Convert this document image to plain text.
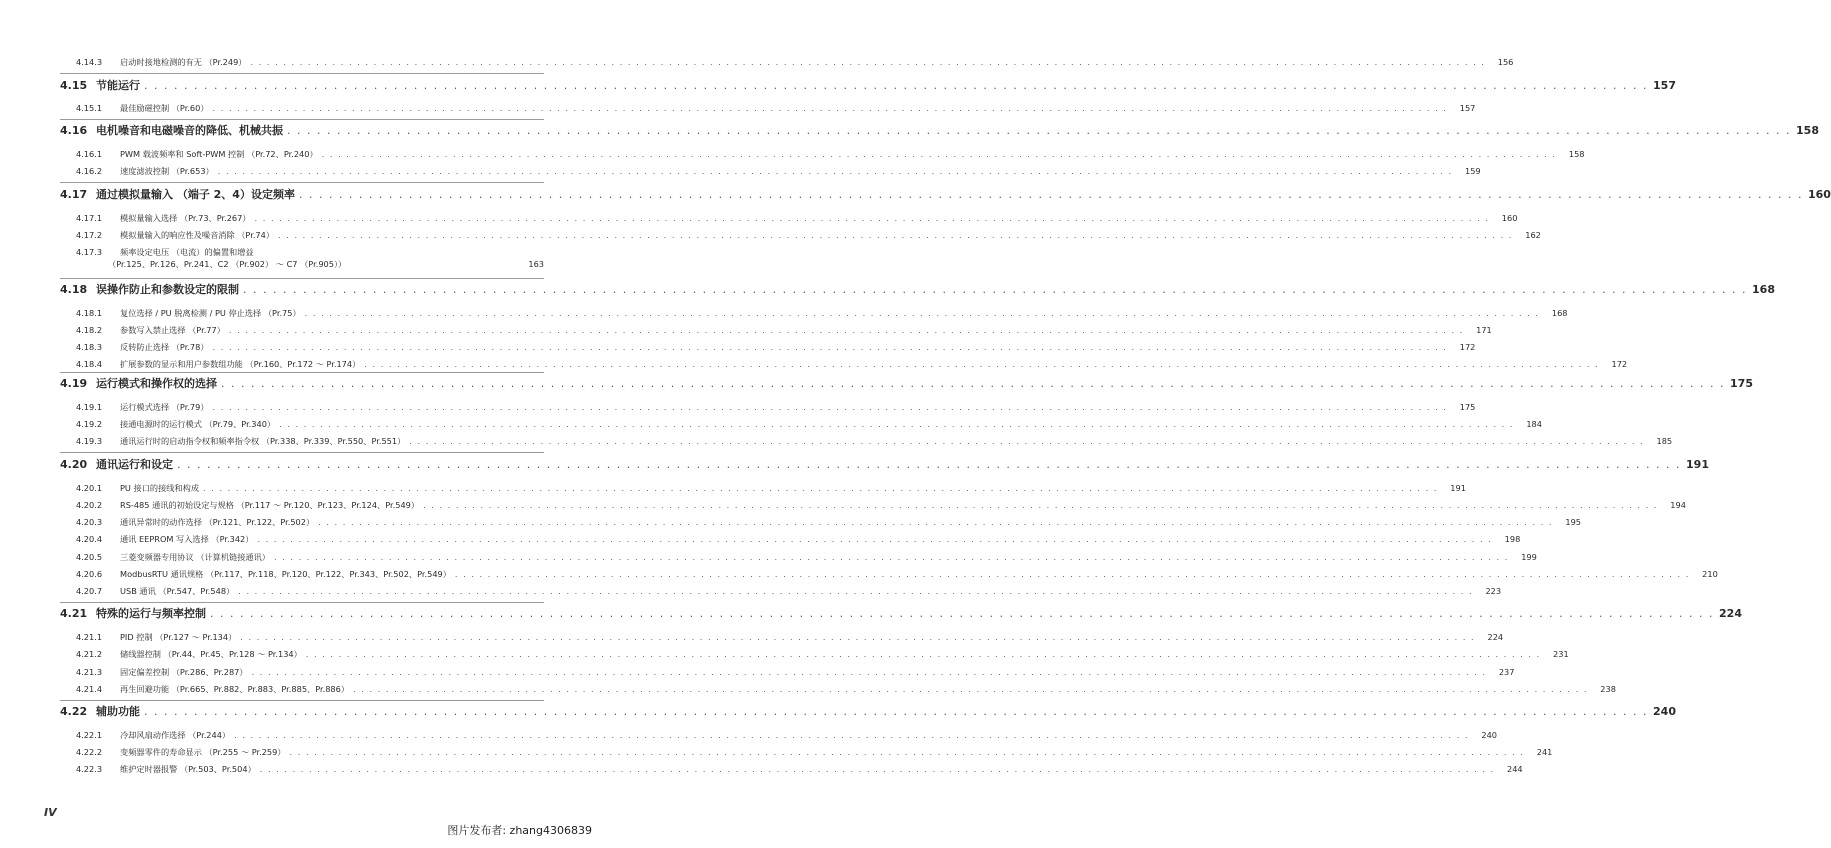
4.14.3	启动时接地检测的有无 （Pr.249） . . .	156
4.15 节能运行 . . .	157
4.15.1	最佳励磁控制 （Pr.60） . . .	157
4.16 电机噪音和电磁噪音的降低、机械共振 . . .	158
4.16.1	PWM 载波频率和 Soft-PWM 控制 （Pr.72、Pr.240） . . .	158
4.16.2	速度滤波控制 （Pr.653） . . .	159
4.17 通过模拟量输入 （端子 2、4）设定频率 . . .	160
4.17.1	模拟量输入选择 （Pr.73、Pr.267） . . .	160
4.17.2	模拟量输入的响应性及噪音消除 （Pr.74） . . .	162
4.17.3	频率设定电压 （电流）的偏置和增益
（Pr.125、Pr.126、Pr.241、C2 （Pr.902） ～ C7 （Pr.905））	163
4.18 误操作防止和参数设定的限制 . . .	168
4.18.1	复位选择 / PU 脱离检测 / PU 停止选择 （Pr.75） . . .	168
4.18.2	参数写入禁止选择 （Pr.77） . . .	171
4.18.3	反转防止选择 （Pr.78） . . .	172
4.18.4	扩展参数的显示和用户参数组功能 （Pr.160、Pr.172 ～ Pr.174） . . .	172
4.19 运行模式和操作权的选择 . . .	175
4.19.1	运行模式选择 （Pr.79） . . .	175
4.19.2	接通电源时的运行模式 （Pr.79、Pr.340） . . .	184
4.19.3	通讯运行时的启动指令权和频率指令权 （Pr.338、Pr.339、Pr.550、Pr.551） . . .	185
4.20 通讯运行和设定 . . .	191
4.20.1	PU 接口的接线和构成 . . .	191
4.20.2	RS-485 通讯的初始设定与规格 （Pr.117 ～ Pr.120、Pr.123、Pr.124、Pr.549） . . .	194
4.20.3	通讯异常时的动作选择 （Pr.121、Pr.122、Pr.502） . . .	195
4.20.4	通讯 EEPROM 写入选择 （Pr.342） . . .	198
4.20.5	三菱变频器专用协议 （计算机链接通讯） . . .	199
4.20.6	ModbusRTU 通讯规格 （Pr.117、Pr.118、Pr.120、Pr.122、Pr.343、Pr.502、Pr.549） . . .	210
4.20.7	USB 通讯 （Pr.547、Pr.548） . . .	223
4.21 特殊的运行与频率控制 . . .	224
4.21.1	PID 控制 （Pr.127 ～ Pr.134） . . .	224
4.21.2	储线器控制 （Pr.44、Pr.45、Pr.128 ～ Pr.134） . . .	231
4.21.3	固定偏差控制 （Pr.286、Pr.287） . . .	237
4.21.4	再生回避功能 （Pr.665、Pr.882、Pr.883、Pr.885、Pr.886） . . .	238
4.22 辅助功能 . . .	240
4.22.1	冷却风扇动作选择 （Pr.244） . . .	240
4.22.2	变频器零件的寿命显示 （Pr.255 ～ Pr.259） . . .	241
4.22.3	维护定时器报警 （Pr.503、Pr.504） . . .	244
IV
图片发布者: zhang4306839
